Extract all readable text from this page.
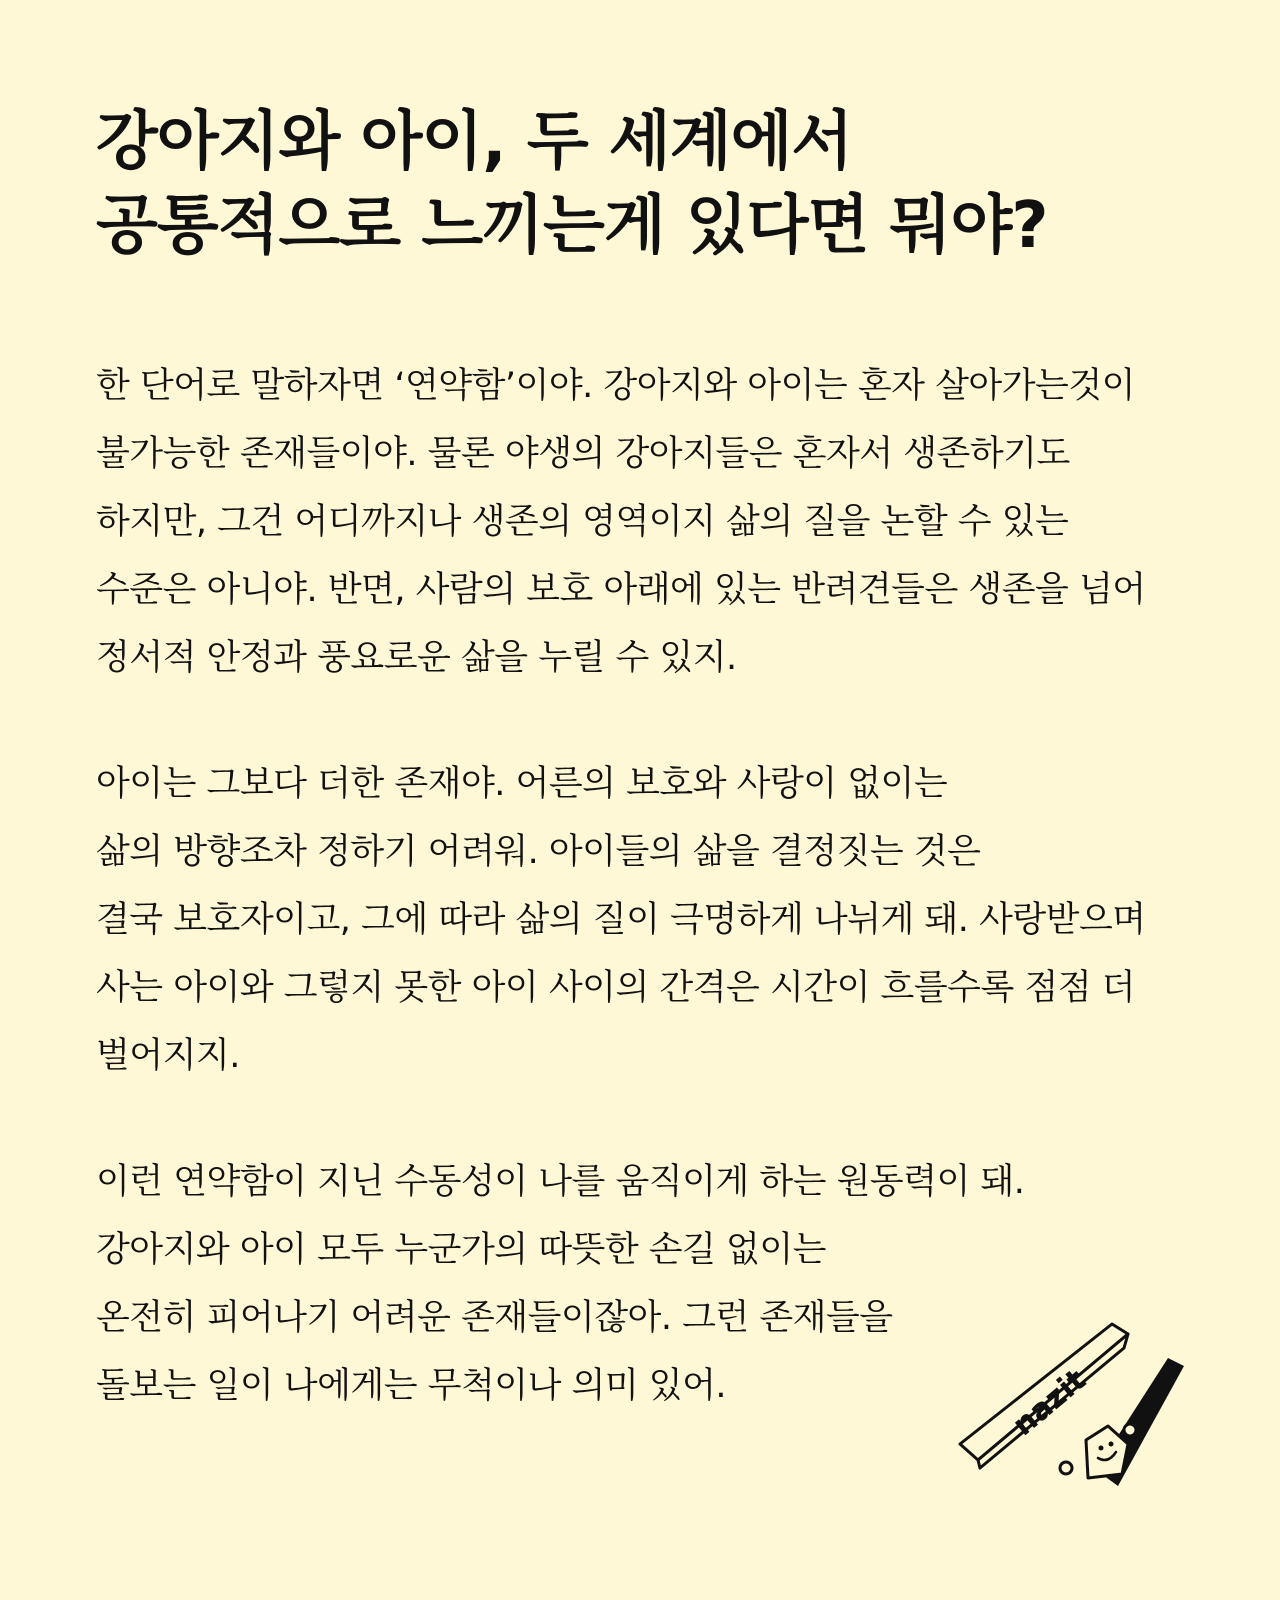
강아지와 아이, 두 세계에서
공통적으로 느끼는게 있다면 뭐야?

한 단어로 말하자면 ‘연약함’이야. 강아지와 아이는 혼자 살아가는것이
불가능한 존재들이야. 물론 야생의 강아지들은 혼자서 생존하기도
하지만, 그건 어디까지나 생존의 영역이지 삶의 질을 논할 수 있는
수준은 아니야. 반면, 사람의 보호 아래에 있는 반려견들은 생존을 넘어
정서적 안정과 풍요로운 삶을 누릴 수 있지.

아이는 그보다 더한 존재야. 어른의 보호와 사랑이 없이는
삶의 방향조차 정하기 어려워. 아이들의 삶을 결정짓는 것은
결국 보호자이고, 그에 따라 삶의 질이 극명하게 나뉘게 돼. 사랑받으며
사는 아이와 그렇지 못한 아이 사이의 간격은 시간이 흐를수록 점점 더
벌어지지.

이런 연약함이 지닌 수동성이 나를 움직이게 하는 원동력이 돼.
강아지와 아이 모두 누군가의 따뜻한 손길 없이는
온전히 피어나기 어려운 존재들이잖아. 그런 존재들을
돌보는 일이 나에게는 무척이나 의미 있어.	nazit
